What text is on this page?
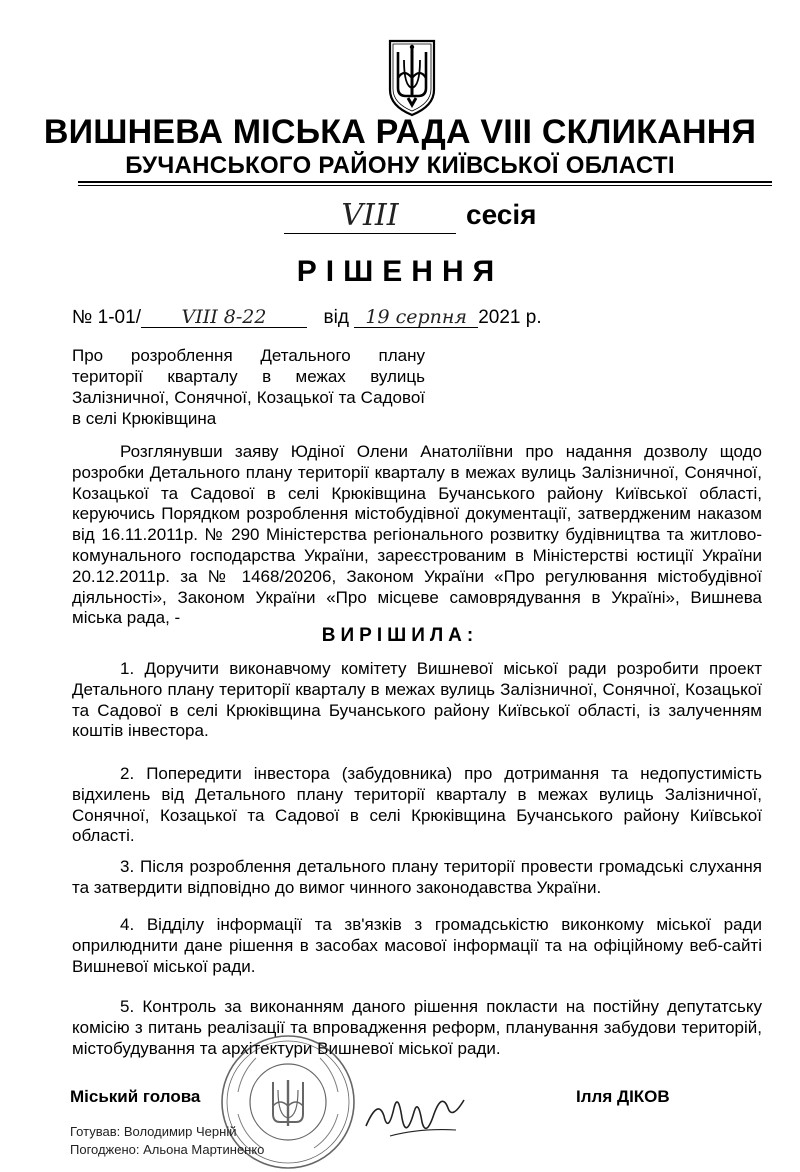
ВИШНЕВА МІСЬКА РАДА VIII СКЛИКАННЯ
БУЧАНСЬКОГО РАЙОНУ КИЇВСЬКОЇ ОБЛАСТІ
VIII	сесія
РІШЕННЯ
№ 1-01/ VIII 8-22	від 19 серпня 2021 р.
Про розроблення Детального плану території кварталу в межах вулиць Залізничної, Сонячної, Козацької та Садової в селі Крюківщина
Розглянувши заяву Юдіної Олени Анатоліївни про надання дозволу щодо розробки Детального плану території кварталу в межах вулиць Залізничної, Сонячної, Козацької та Садової в селі Крюківщина Бучанського району Київської області, керуючись Порядком розроблення містобудівної документації, затвердженим наказом від 16.11.2011р. № 290 Міністерства регіонального розвитку будівництва та житлово-комунального господарства України, зареєстрованим в Міністерстві юстиції України 20.12.2011р. за № 1468/20206, Законом України «Про регулювання містобудівної діяльності», Законом України «Про місцеве самоврядування в Україні», Вишнева міська рада, -
ВИРІШИЛА:
1. Доручити виконавчому комітету Вишневої міської ради розробити проект Детального плану території кварталу в межах вулиць Залізничної, Сонячної, Козацької та Садової в селі Крюківщина Бучанського району Київської області, із залученням коштів інвестора.
2. Попередити інвестора (забудовника) про дотримання та недопустимість відхилень від Детального плану території кварталу в межах вулиць Залізничної, Сонячної, Козацької та Садової в селі Крюківщина Бучанського району Київської області.
3. Після розроблення детального плану території провести громадські слухання та затвердити відповідно до вимог чинного законодавства України.
4. Відділу інформації та зв'язків з громадськістю виконкому міської ради оприлюднити дане рішення в засобах масової інформації та на офіційному веб-сайті Вишневої міської ради.
5. Контроль за виконанням даного рішення покласти на постійну депутатську комісію з питань реалізації та впровадження реформ, планування забудови територій, містобудування та архітектури Вишневої міської ради.
Міський голова	Ілля ДІКОВ
Готував: Володимир Черній
Погоджено: Альона Мартиненко
